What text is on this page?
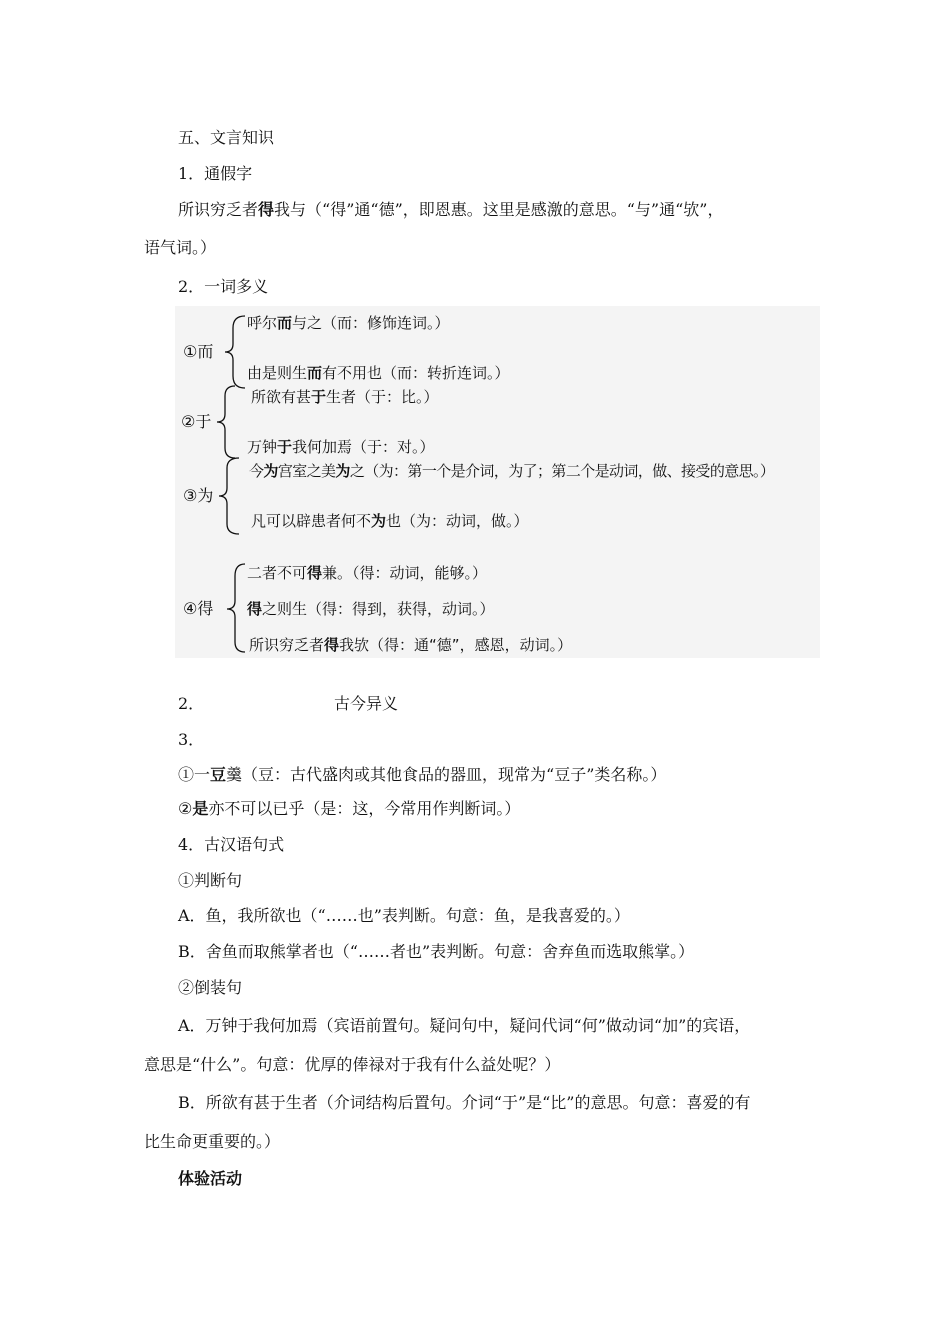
五、文言知识
1．通假字
所识穷乏者得我与（“得”通“德”，即恩惠。这里是感激的意思。“与”通“欤”，
语气词。）
2．一词多义
①而
呼尔而与之（而：修饰连词。）
由是则生而有不用也（而：转折连词。）
②于
所欲有甚于生者（于：比。）
万钟于我何加焉（于：对。）
③为
今为宫室之美为之（为：第一个是介词，为了；第二个是动词，做、接受的意思。）
凡可以辟患者何不为也（为：动词，做。）
④得
二者不可得兼。（得：动词，能够。）
得之则生（得：得到，获得，动词。）
所识穷乏者得我欤（得：通“德”，感恩，动词。）
2．	古今异义
3．
①一豆羹（豆：古代盛肉或其他食品的器皿，现常为“豆子”类名称。）
②是亦不可以已乎（是：这，今常用作判断词。）
4．古汉语句式
①判断句
A．鱼，我所欲也（“……也”表判断。句意：鱼，是我喜爱的。）
B．舍鱼而取熊掌者也（“……者也”表判断。句意：舍弃鱼而选取熊掌。）
②倒装句
A．万钟于我何加焉（宾语前置句。疑问句中，疑问代词“何”做动词“加”的宾语，
意思是“什么”。句意：优厚的俸禄对于我有什么益处呢？）
B．所欲有甚于生者（介词结构后置句。介词“于”是“比”的意思。句意：喜爱的有
比生命更重要的。）
体验活动
